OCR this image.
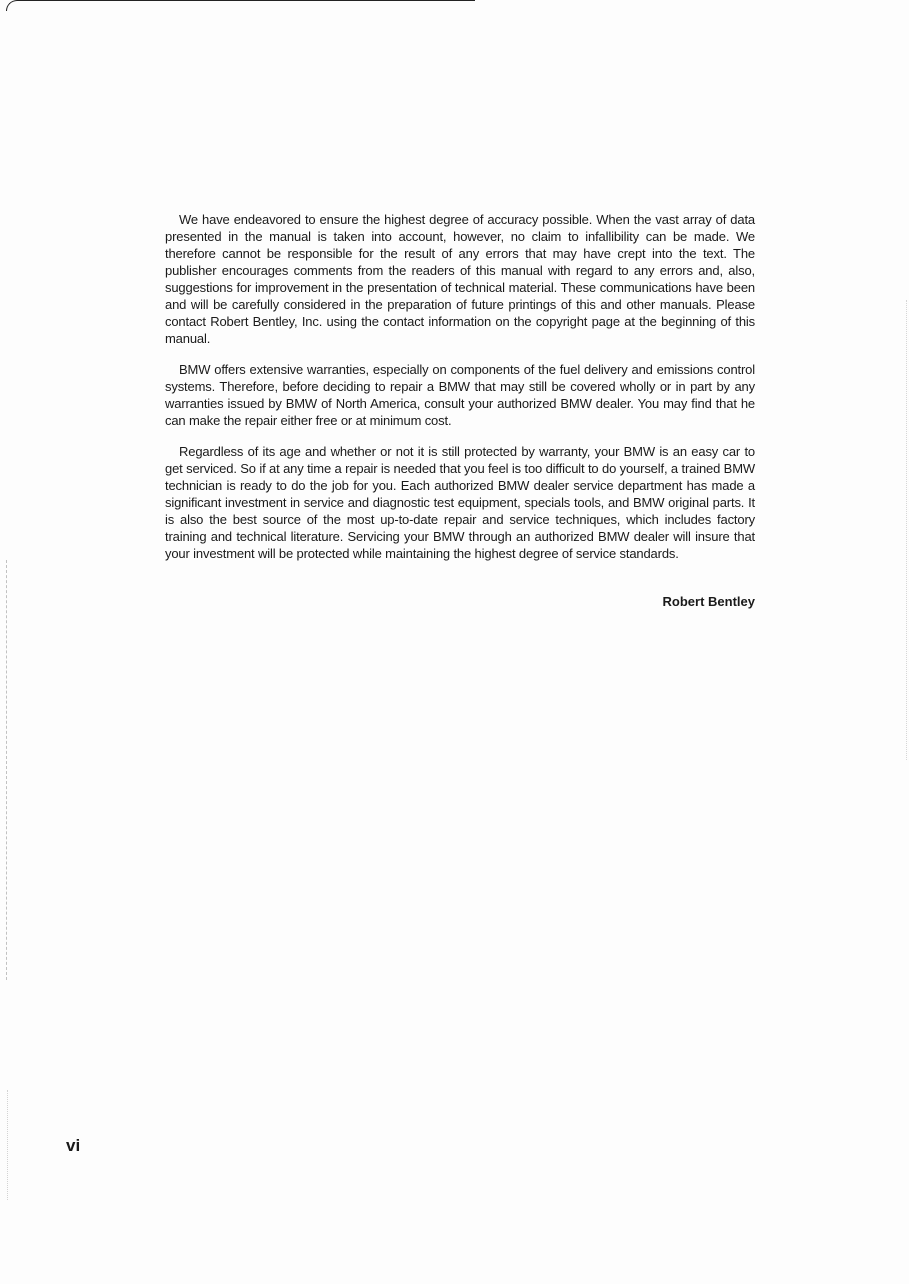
We have endeavored to ensure the highest degree of accuracy possible. When the vast array of data presented in the manual is taken into account, however, no claim to infallibility can be made. We therefore cannot be responsible for the result of any errors that may have crept into the text. The publisher encourages comments from the readers of this manual with regard to any errors and, also, suggestions for improvement in the presentation of technical material. These communications have been and will be carefully considered in the preparation of future printings of this and other manuals. Please contact Robert Bentley, Inc. using the contact information on the copyright page at the beginning of this manual.

BMW offers extensive warranties, especially on components of the fuel delivery and emissions control systems. Therefore, before deciding to repair a BMW that may still be covered wholly or in part by any warranties issued by BMW of North America, consult your authorized BMW dealer. You may find that he can make the repair either free or at minimum cost.

Regardless of its age and whether or not it is still protected by warranty, your BMW is an easy car to get serviced. So if at any time a repair is needed that you feel is too difficult to do yourself, a trained BMW technician is ready to do the job for you. Each authorized BMW dealer service department has made a significant investment in service and diagnostic test equipment, specials tools, and BMW original parts. It is also the best source of the most up-to-date repair and service techniques, which includes factory training and technical literature. Servicing your BMW through an authorized BMW dealer will insure that your investment will be protected while maintaining the highest degree of service standards.

Robert Bentley
vi
